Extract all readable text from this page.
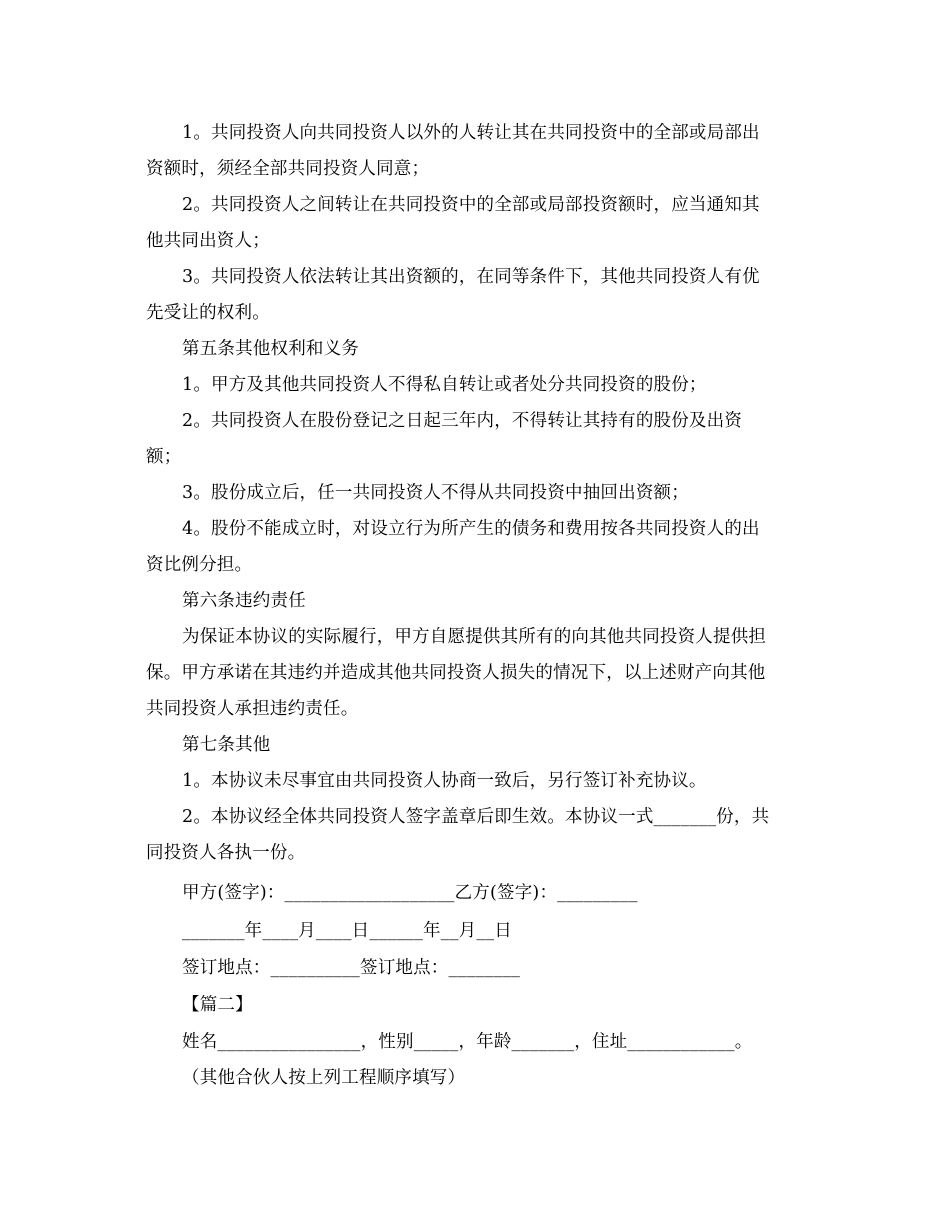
1。共同投资人向共同投资人以外的人转让其在共同投资中的全部或局部出
资额时，须经全部共同投资人同意；
2。共同投资人之间转让在共同投资中的全部或局部投资额时，应当通知其
他共同出资人；
3。共同投资人依法转让其出资额的，在同等条件下，其他共同投资人有优
先受让的权利。
第五条其他权利和义务
1。甲方及其他共同投资人不得私自转让或者处分共同投资的股份；
2。共同投资人在股份登记之日起三年内，不得转让其持有的股份及出资
额；
3。股份成立后，任一共同投资人不得从共同投资中抽回出资额；
4。股份不能成立时，对设立行为所产生的债务和费用按各共同投资人的出
资比例分担。
第六条违约责任
为保证本协议的实际履行，甲方自愿提供其所有的向其他共同投资人提供担
保。甲方承诺在其违约并造成其他共同投资人损失的情况下，以上述财产向其他
共同投资人承担违约责任。
第七条其他
1。本协议未尽事宜由共同投资人协商一致后，另行签订补充协议。
2。本协议经全体共同投资人签字盖章后即生效。本协议一式_______份，共
同投资人各执一份。
甲方(签字)：___________________乙方(签字)：_________
_______年____月____日______年__月__日
签订地点：__________签订地点：________
【篇二】
姓名________________，性别_____，年龄_______，住址____________。
（其他合伙人按上列工程顺序填写）
